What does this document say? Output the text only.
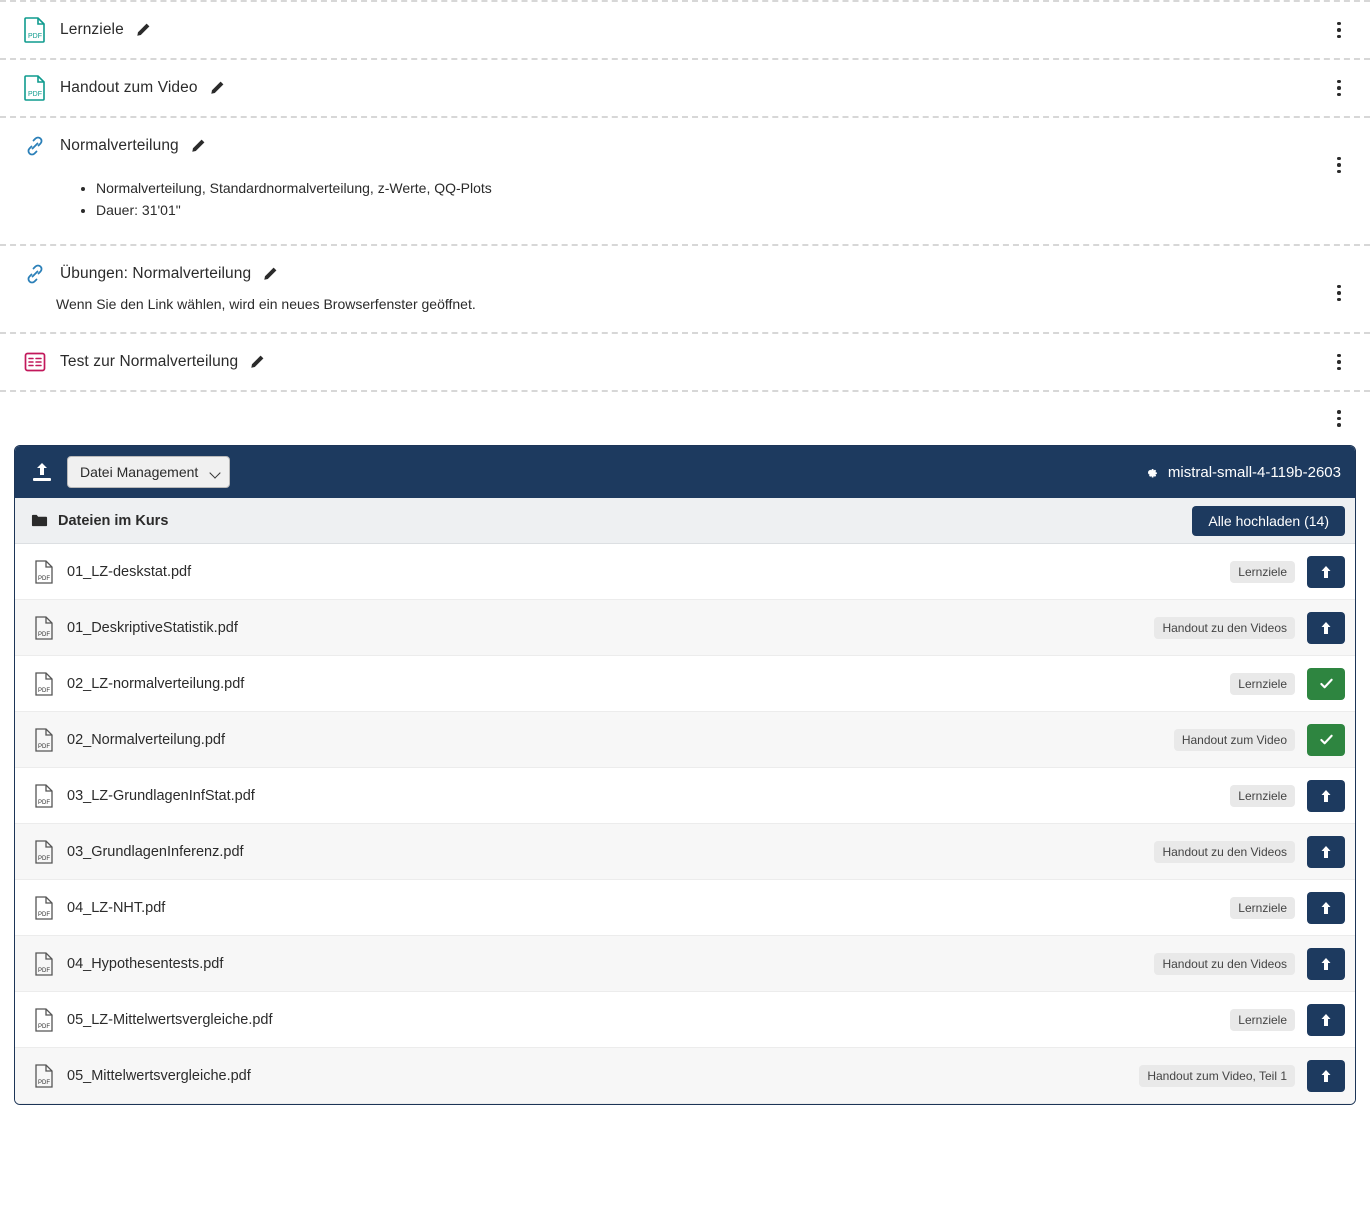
PDF Lernziele
PDF Handout zum Video
Normalverteilung
• Normalverteilung, Standardnormalverteilung, z-Werte, QQ-Plots
• Dauer: 31'01"
Übungen: Normalverteilung
Wenn Sie den Link wählen, wird ein neues Browserfenster geöffnet.
Test zur Normalverteilung
Datei Management
mistral-small-4-119b-2603
Dateien im Kurs	Alle hochladen (14)
PDF 01_LZ-deskstat.pdf	Lernziele
PDF 01_DeskriptiveStatistik.pdf	Handout zu den Videos
PDF 02_LZ-normalverteilung.pdf	Lernziele
PDF 02_Normalverteilung.pdf	Handout zum Video
PDF 03_LZ-GrundlagenInfStat.pdf	Lernziele
PDF 03_GrundlagenInferenz.pdf	Handout zu den Videos
PDF 04_LZ-NHT.pdf	Lernziele
PDF 04_Hypothesentests.pdf	Handout zu den Videos
PDF 05_LZ-Mittelwertsvergleiche.pdf	Lernziele
PDF 05_Mittelwertsvergleiche.pdf	Handout zum Video, Teil 1
